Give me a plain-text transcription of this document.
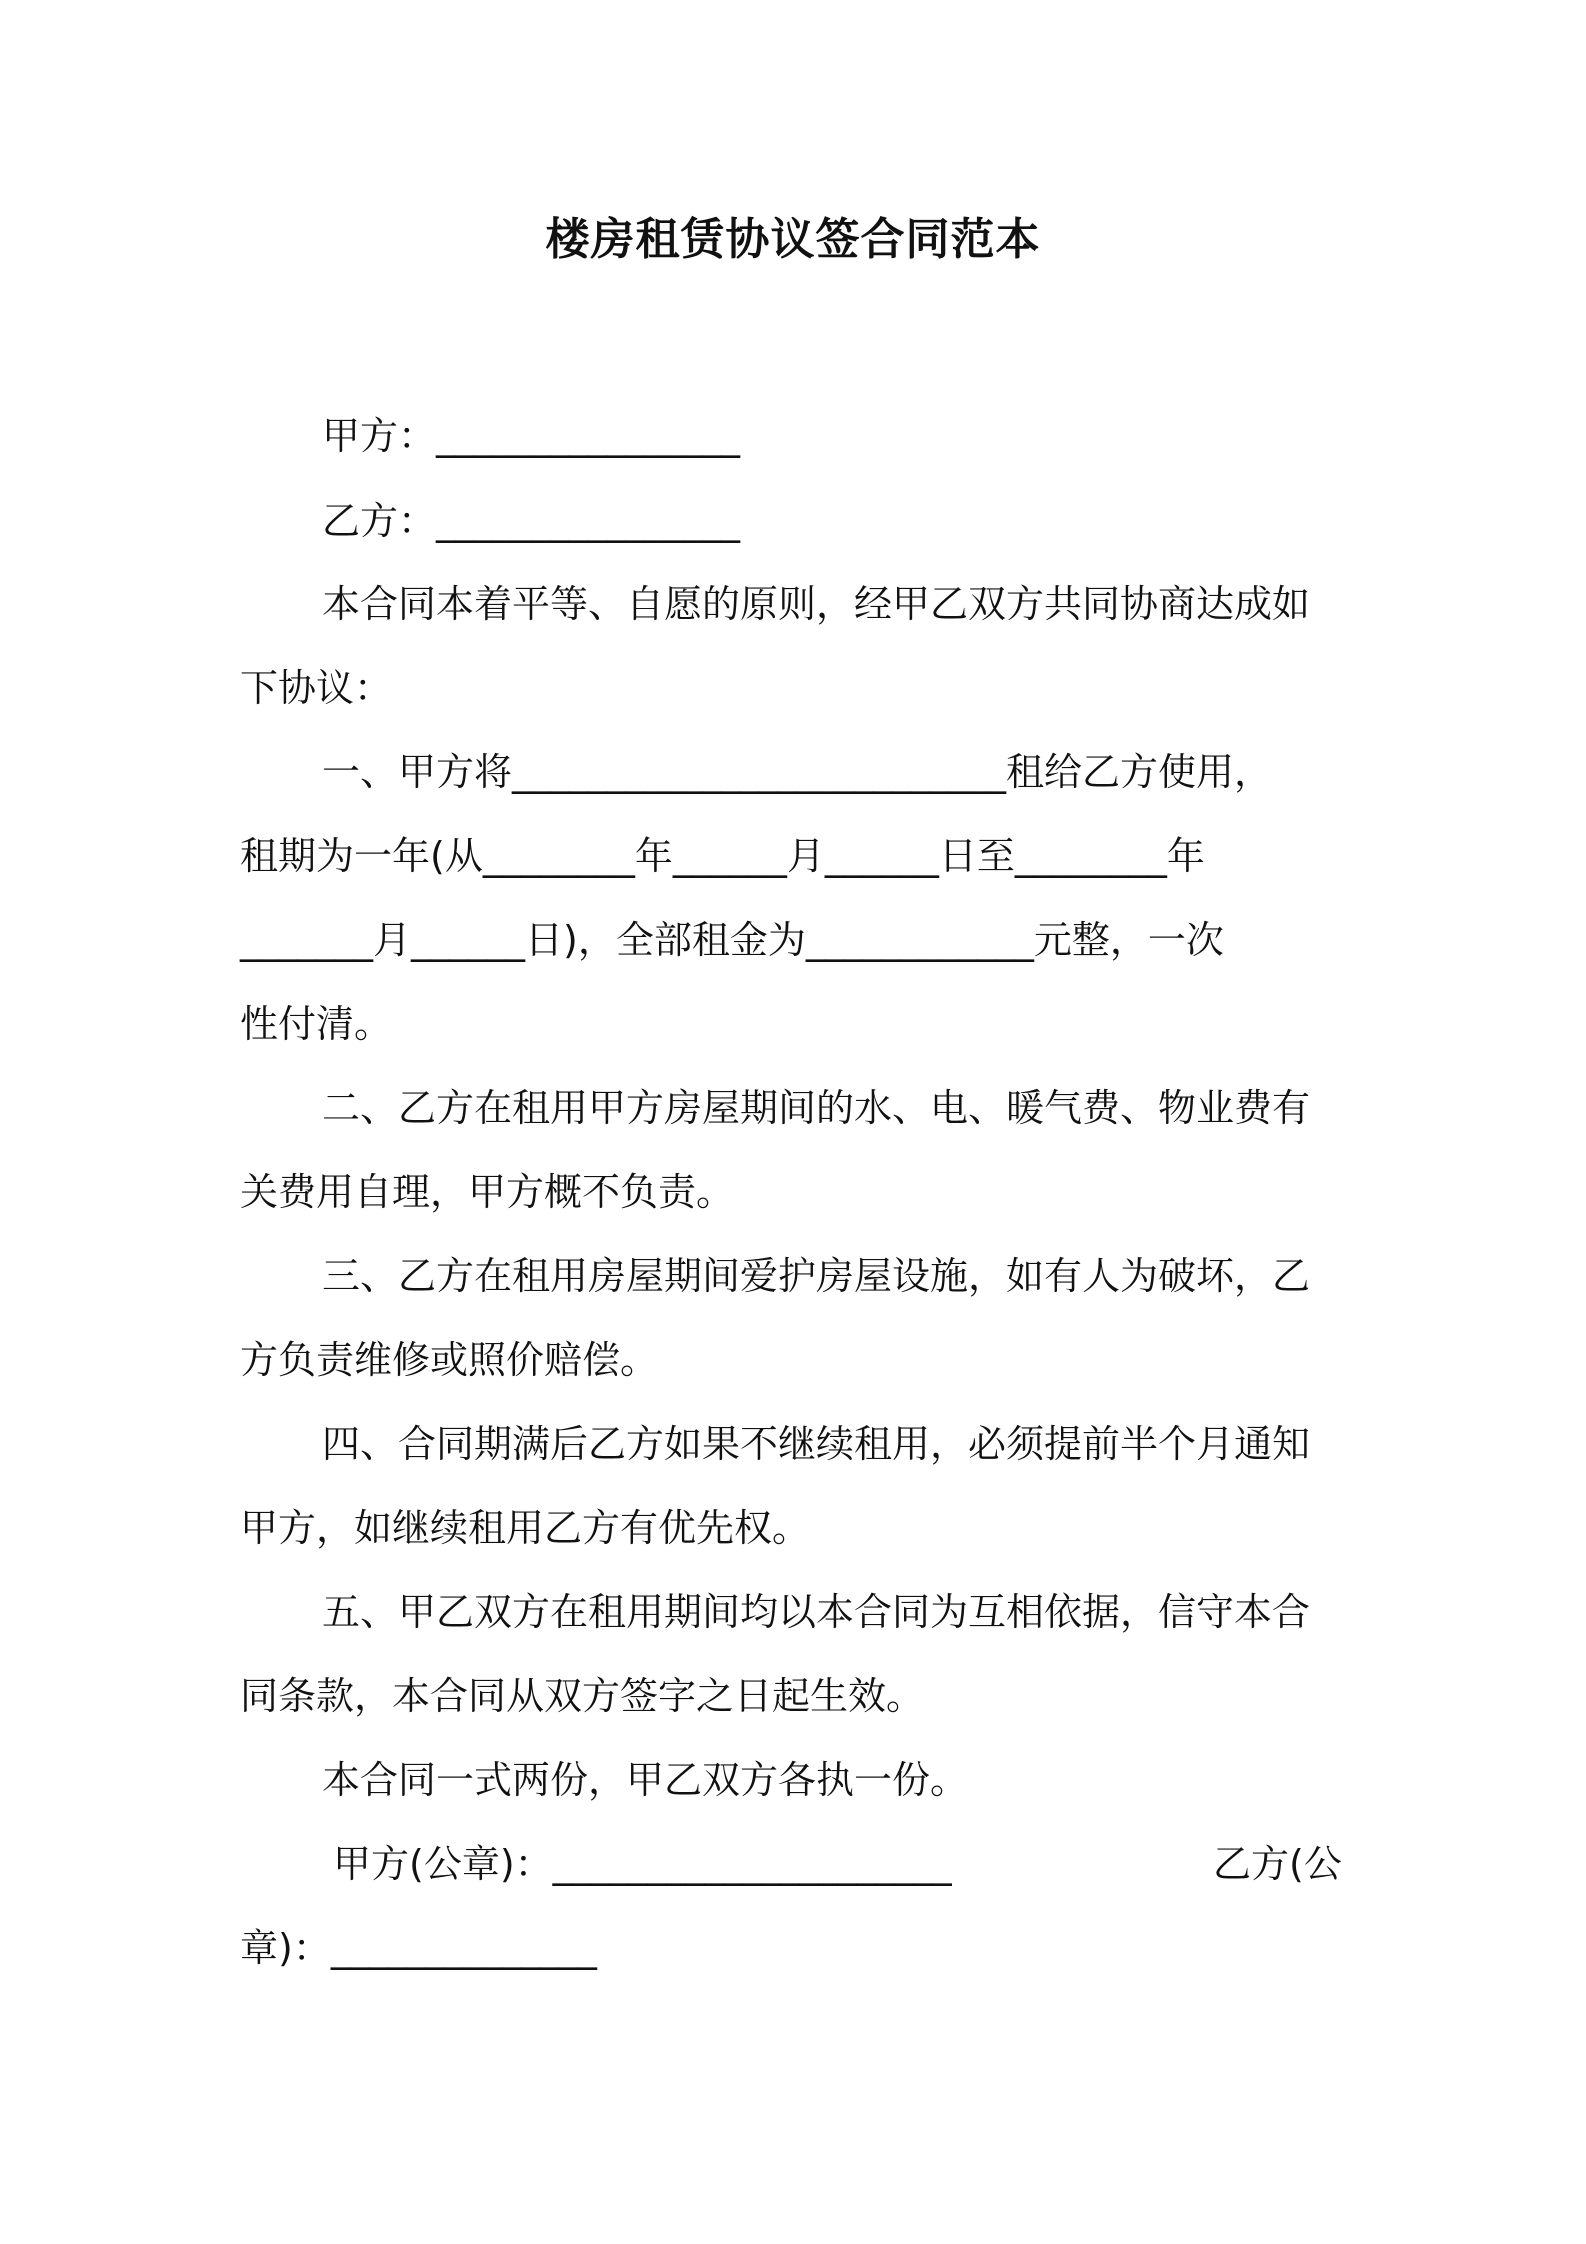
楼房租赁协议签合同范本
甲方：________________
乙方：________________
本合同本着平等、自愿的原则，经甲乙双方共同协商达成如
下协议：
一、甲方将__________________________租给乙方使用，
租期为一年(从________年______月______日至________年
_______月______日)，全部租金为____________元整，一次
性付清。
二、乙方在租用甲方房屋期间的水、电、暖气费、物业费有
关费用自理，甲方概不负责。
三、乙方在租用房屋期间爱护房屋设施，如有人为破坏，乙
方负责维修或照价赔偿。
四、合同期满后乙方如果不继续租用，必须提前半个月通知
甲方，如继续租用乙方有优先权。
五、甲乙双方在租用期间均以本合同为互相依据，信守本合
同条款，本合同从双方签字之日起生效。
本合同一式两份，甲乙双方各执一份。
甲方(公章)：_____________________	乙方(公
章)：______________
